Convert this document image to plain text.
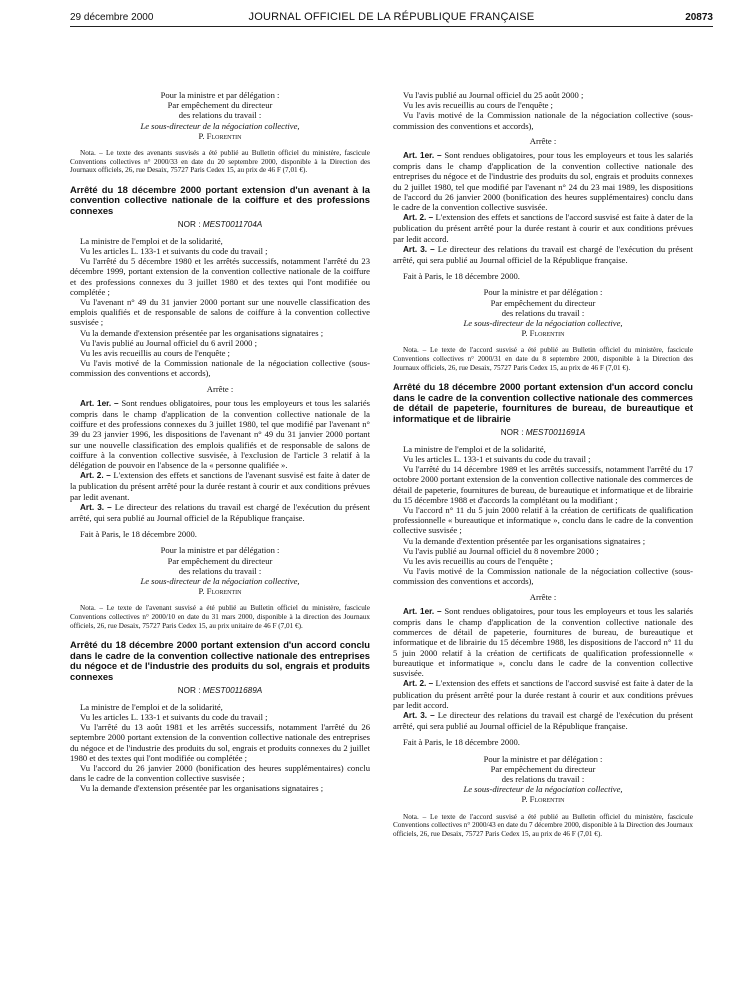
29 décembre 2000	JOURNAL OFFICIEL DE LA RÉPUBLIQUE FRANÇAISE	20873
Pour la ministre et par délégation :
Par empêchement du directeur
des relations du travail :
Le sous-directeur de la négociation collective,
P. Florentin

Nota. – Le texte des avenants susvisés a été publié au Bulletin officiel du ministère, fascicule Conventions collectives n° 2000/33 en date du 20 septembre 2000, disponible à la Direction des Journaux officiels, 26, rue Desaix, 75727 Paris Cedex 15, au prix de 46 F (7,01 €).

Arrêté du 18 décembre 2000 portant extension d'un avenant à la convention collective nationale de la coiffure et des professions connexes

NOR : MEST0011704A

La ministre de l'emploi et de la solidarité,

Vu les articles L. 133-1 et suivants du code du travail ;

Vu l'arrêté du 5 décembre 1980 et les arrêtés successifs, notamment l'arrêté du 23 décembre 1999, portant extension de la convention collective nationale de la coiffure et des professions connexes du 3 juillet 1980 et des textes qui l'ont modifiée ou complétée ;

Vu l'avenant n° 49 du 31 janvier 2000 portant sur une nouvelle classification des emplois qualifiés et de responsable de salons de coiffure à la convention collective susvisée ;

Vu la demande d'extension présentée par les organisations signataires ;

Vu l'avis publié au Journal officiel du 6 avril 2000 ;

Vu les avis recueillis au cours de l'enquête ;

Vu l'avis motivé de la Commission nationale de la négociation collective (sous-commission des conventions et accords),

Arrête :

Art. 1er. – Sont rendues obligatoires, pour tous les employeurs et tous les salariés compris dans le champ d'application de la convention collective nationale de la coiffure et des professions connexes du 3 juillet 1980, tel que modifié par l'avenant n° 39 du 23 janvier 1996, les dispositions de l'avenant n° 49 du 31 janvier 2000 portant sur une nouvelle classification des emplois qualifiés et de responsable de salons de coiffure à la convention collective susvisée, à l'exclusion de l'article 3 relatif à la délégation de pouvoir en l'absence de la « personne qualifiée ».

Art. 2. – L'extension des effets et sanctions de l'avenant susvisé est faite à dater de la publication du présent arrêté pour la durée restant à courir et aux conditions prévues par ledit avenant.

Art. 3. – Le directeur des relations du travail est chargé de l'exécution du présent arrêté, qui sera publié au Journal officiel de la République française.

Fait à Paris, le 18 décembre 2000.

Pour la ministre et par délégation :
Par empêchement du directeur
des relations du travail :
Le sous-directeur de la négociation collective,
P. Florentin

Nota. – Le texte de l'avenant susvisé a été publié au Bulletin officiel du ministère, fascicule Conventions collectives n° 2000/10 en date du 31 mars 2000, disponible à la direction des Journaux officiels, 26, rue Desaix, 75727 Paris Cedex 15, au prix unitaire de 46 F (7,01 €).

Arrêté du 18 décembre 2000 portant extension d'un accord conclu dans le cadre de la convention collective nationale des entreprises du négoce et de l'industrie des produits du sol, engrais et produits connexes

NOR : MEST0011689A

La ministre de l'emploi et de la solidarité,

Vu les articles L. 133-1 et suivants du code du travail ;

Vu l'arrêté du 13 août 1981 et les arrêtés successifs, notamment l'arrêté du 26 septembre 2000 portant extension de la convention collective nationale des entreprises du négoce et de l'industrie des produits du sol, engrais et produits connexes du 2 juillet 1980 et des textes qui l'ont modifiée ou complétée ;

Vu l'accord du 26 janvier 2000 (bonification des heures supplémentaires) conclu dans le cadre de la convention collective susvisée ;

Vu la demande d'extension présentée par les organisations signataires ;

Vu l'avis publié au Journal officiel du 25 août 2000 ;

Vu les avis recueillis au cours de l'enquête ;

Vu l'avis motivé de la Commission nationale de la négociation collective (sous-commission des conventions et accords),

Arrête :

Art. 1er. – Sont rendues obligatoires, pour tous les employeurs et tous les salariés compris dans le champ d'application de la convention collective nationale des entreprises du négoce et de l'industrie des produits du sol, engrais et produits connexes du 2 juillet 1980, tel que modifié par l'avenant n° 24 du 23 mai 1989, les dispositions de l'accord du 26 janvier 2000 (bonification des heures supplémentaires) conclu dans le cadre de la convention collective susvisée.

Art. 2. – L'extension des effets et sanctions de l'accord susvisé est faite à dater de la publication du présent arrêté pour la durée restant à courir et aux conditions prévues par ledit accord.

Art. 3. – Le directeur des relations du travail est chargé de l'exécution du présent arrêté, qui sera publié au Journal officiel de la République française.

Fait à Paris, le 18 décembre 2000.

Pour la ministre et par délégation :
Par empêchement du directeur
des relations du travail :
Le sous-directeur de la négociation collective,
P. Florentin

Nota. – Le texte de l'accord susvisé a été publié au Bulletin officiel du ministère, fascicule Conventions collectives n° 2000/31 en date du 8 septembre 2000, disponible à la Direction des Journaux officiels, 26, rue Desaix, 75727 Paris Cedex 15, au prix de 46 F (7,01 €).

Arrêté du 18 décembre 2000 portant extension d'un accord conclu dans le cadre de la convention collective nationale des commerces de détail de papeterie, fournitures de bureau, de bureautique et informatique et de librairie

NOR : MEST0011691A

La ministre de l'emploi et de la solidarité,

Vu les articles L. 133-1 et suivants du code du travail ;

Vu l'arrêté du 14 décembre 1989 et les arrêtés successifs, notamment l'arrêté du 17 octobre 2000 portant extension de la convention collective nationale des commerces de détail de papeterie, fournitures de bureau, de bureautique et informatique et de librairie du 15 décembre 1988 et d'accords la complétant ou la modifiant ;

Vu l'accord n° 11 du 5 juin 2000 relatif à la création de certificats de qualification professionnelle « bureautique et informatique », conclu dans le cadre de la convention collective susvisée ;

Vu la demande d'extention présentée par les organisations signataires ;

Vu l'avis publié au Journal officiel du 8 novembre 2000 ;

Vu les avis recueillis au cours de l'enquête ;

Vu l'avis motivé de la Commission nationale de la négociation collective (sous-commission des conventions et accords),

Arrête :

Art. 1er. – Sont rendues obligatoires, pour tous les employeurs et tous les salariés compris dans le champ d'application de la convention collective nationale des commerces de détail de papeterie, fournitures de bureau, de bureautique et informatique et de librairie du 15 décembre 1988, les dispositions de l'accord n° 11 du 5 juin 2000 relatif à la création de certificats de qualification professionnelle « bureautique et informatique », conclu dans le cadre de la convention collective susvisée.

Art. 2. – L'extension des effets et sanctions de l'accord susvisé est faite à dater de la publication du présent arrêté pour la durée restant à courir et aux conditions prévues par ledit accord.

Art. 3. – Le directeur des relations du travail est chargé de l'exécution du présent arrêté, qui sera publié au Journal officiel de la République française.

Fait à Paris, le 18 décembre 2000.

Pour la ministre et par délégation :
Par empêchement du directeur
des relations du travail :
Le sous-directeur de la négociation collective,
P. Florentin

Nota. – Le texte de l'accord susvisé a été publié au Bulletin officiel du ministère, fascicule Conventions collectives n° 2000/43 en date du 7 décembre 2000, disponible à la Direction des Journaux officiels, 26, rue Desaix, 75727 Paris Cedex 15, au prix de 46 F (7,01 €).
